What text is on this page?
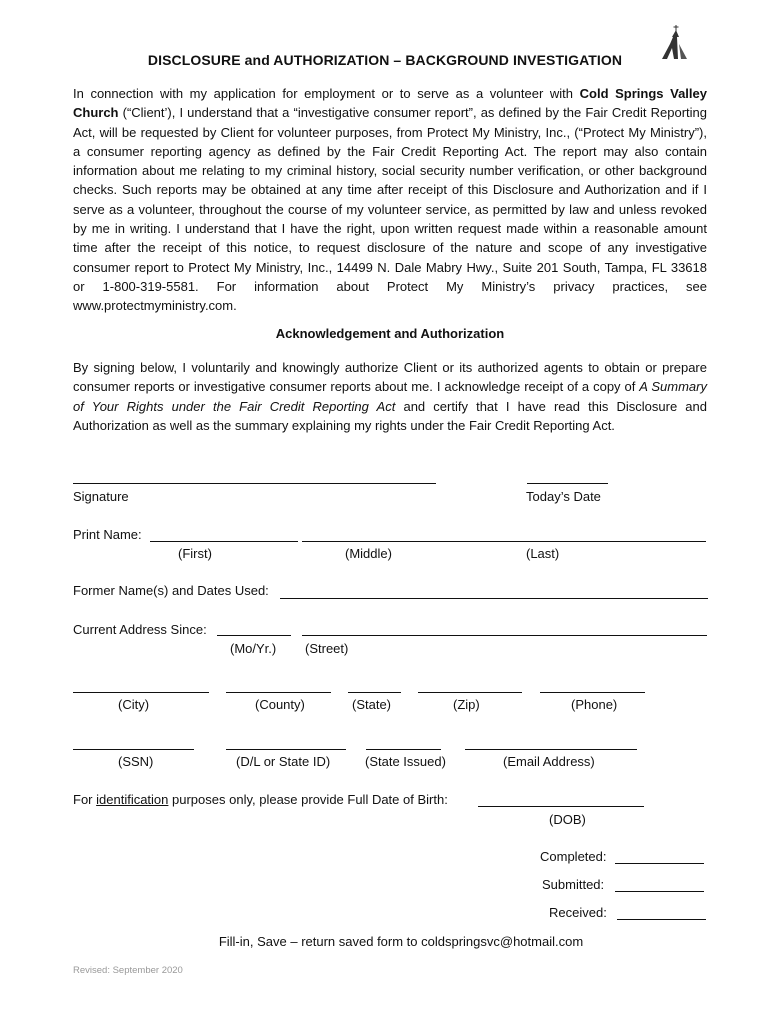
DISCLOSURE and AUTHORIZATION – BACKGROUND INVESTIGATION
In connection with my application for employment or to serve as a volunteer with Cold Springs Valley Church (“Client’), I understand that a “investigative consumer report”, as defined by the Fair Credit Reporting Act, will be requested by Client for volunteer purposes, from Protect My Ministry, Inc., (“Protect My Ministry”), a consumer reporting agency as defined by the Fair Credit Reporting Act. The report may also contain information about me relating to my criminal history, social security number verification, or other background checks. Such reports may be obtained at any time after receipt of this Disclosure and Authorization and if I serve as a volunteer, throughout the course of my volunteer service, as permitted by law and unless revoked by me in writing. I understand that I have the right, upon written request made within a reasonable amount time after the receipt of this notice, to request disclosure of the nature and scope of any investigative consumer report to Protect My Ministry, Inc., 14499 N. Dale Mabry Hwy., Suite 201 South, Tampa, FL 33618 or 1-800-319-5581. For information about Protect My Ministry’s privacy practices, see www.protectmyministry.com.
Acknowledgement and Authorization
By signing below, I voluntarily and knowingly authorize Client or its authorized agents to obtain or prepare consumer reports or investigative consumer reports about me. I acknowledge receipt of a copy of A Summary of Your Rights under the Fair Credit Reporting Act and certify that I have read this Disclosure and Authorization as well as the summary explaining my rights under the Fair Credit Reporting Act.
Signature	Today’s Date
Print Name:
(First)	(Middle)	(Last)
Former Name(s) and Dates Used:
Current Address Since:
(Mo/Yr.) (Street)
(City)	(County)	(State)	(Zip)	(Phone)
(SSN)	(D/L or State ID)	(State Issued)	(Email Address)
For identification purposes only, please provide Full Date of Birth:
(DOB)
Completed:
Submitted:
Received:
Fill-in, Save – return saved form to coldspringsvc@hotmail.com
Revised: September 2020
